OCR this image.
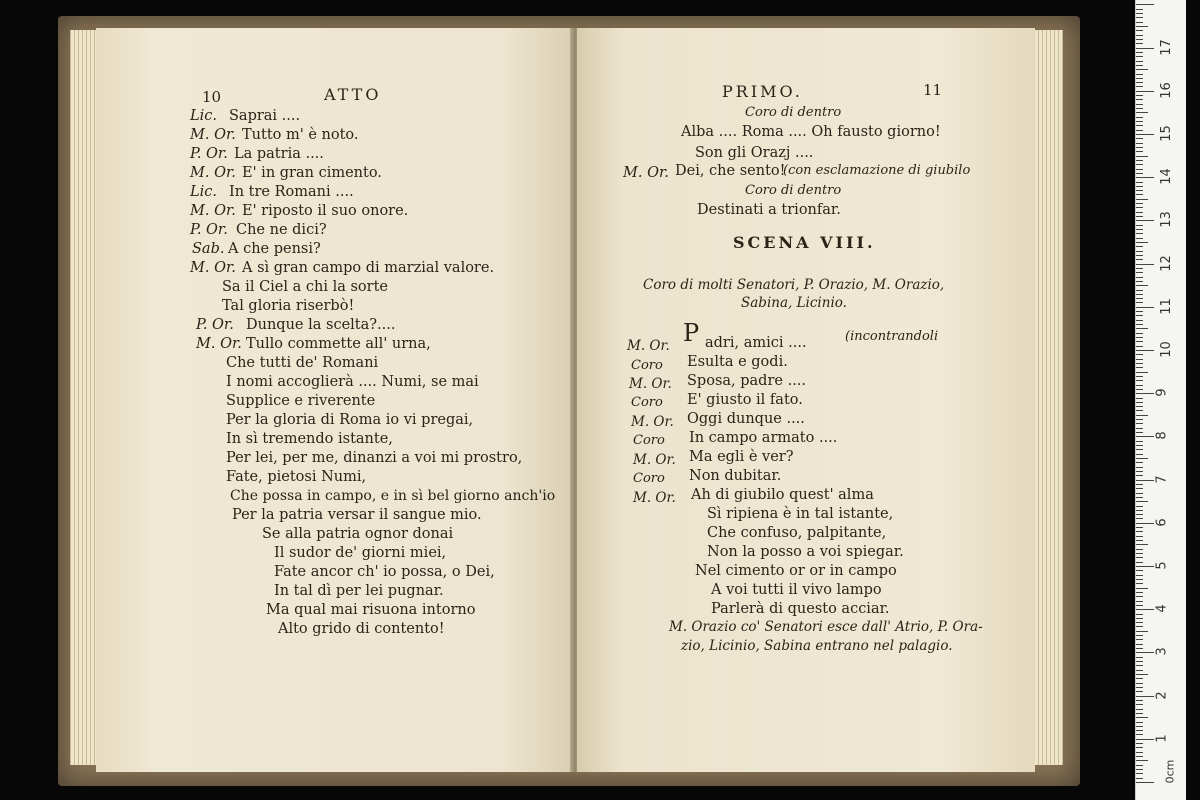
10	ATTO
Lic. Saprai ....
M. Or. Tutto m' è noto.
P. Or. La patria ....
M. Or. E' in gran cimento.
Lic. In tre Romani ....
M. Or. E' riposto il suo onore.
P. Or. Che ne dici?
Sab. A che pensi?
M. Or. A sì gran campo di marzial valore.
Sa il Ciel a chi la sorte
Tal gloria riserbò!
P. Or. Dunque la scelta?....
M. Or. Tullo commette all' urna,
Che tutti de' Romani
I nomi accoglierà .... Numi, se mai
Supplice e riverente
Per la gloria di Roma io vi pregai,
In sì tremendo istante,
Per lei, per me, dinanzi a voi mi prostro,
Fate, pietosi Numi,
Che possa in campo, e in sì bel giorno anch'io
Per la patria versar il sangue mio.
Se alla patria ognor donai
Il sudor de' giorni miei,
Fate ancor ch' io possa, o Dei,
In tal dì per lei pugnar.
Ma qual mai risuona intorno
Alto grido di contento!
PRIMO.	11
Coro di dentro
Alba .... Roma .... Oh fausto giorno!
Son gli Orazj ....
M. Or. Dei, che sento!
(con esclamazione di giubilo
Coro di dentro
Destinati a trionfar.
SCENA VIII.
Coro di molti Senatori, P. Orazio, M. Orazio,
Sabina, Licinio.
M. Or. P adri, amici ....	(incontrandoli
Coro Esulta e godi.
M. Or. Sposa, padre ....
Coro E' giusto il fato.
M. Or. Oggi dunque ....
Coro In campo armato ....
M. Or. Ma egli è ver?
Coro Non dubitar.
M. Or. Ah di giubilo quest' alma
Sì ripiena è in tal istante,
Che confuso, palpitante,
Non la posso a voi spiegar.
Nel cimento or or in campo
A voi tutti il vivo lampo
Parlerà di questo acciar.
M. Orazio co' Senatori esce dall' Atrio, P. Ora-
zio, Licinio, Sabina entrano nel palagio.
1
2
3
4
5
6
7
8
9
10
11
12
13
14
15
16
17
0cm
